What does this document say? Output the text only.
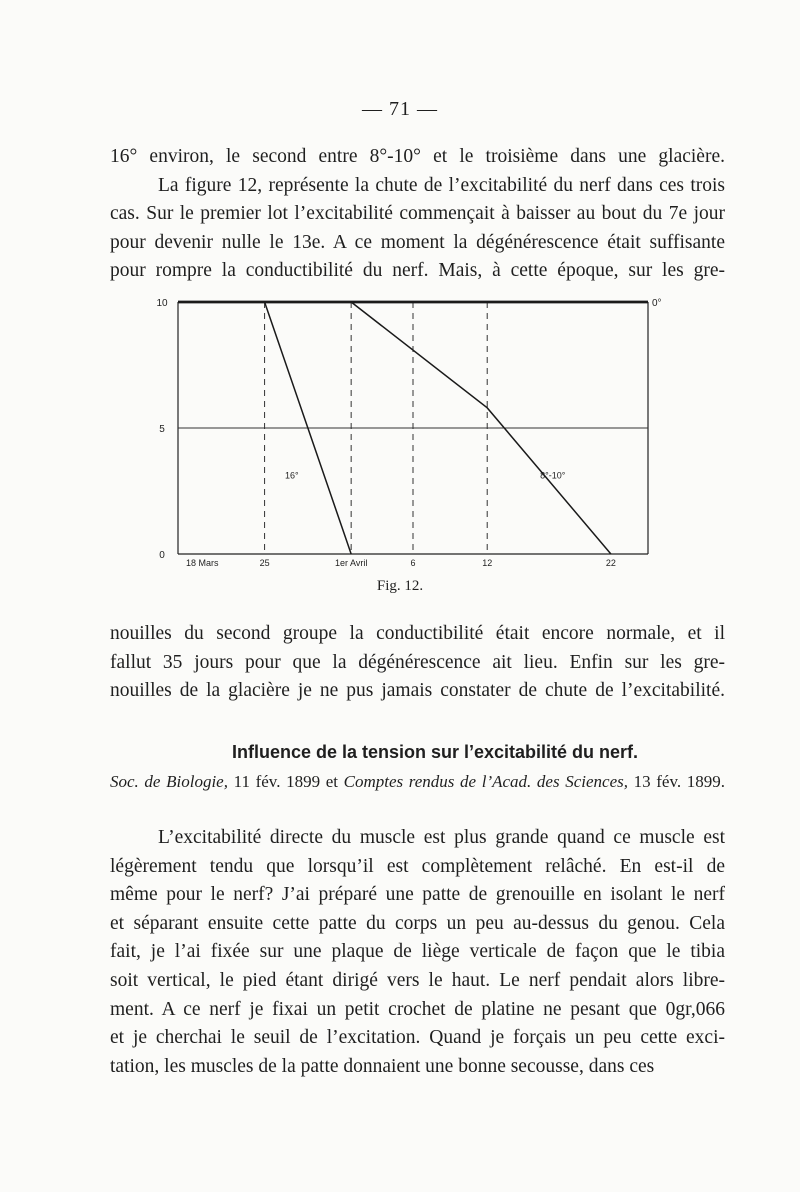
— 71 —
16° environ, le second entre 8°-10° et le troisième dans une glacière.
La figure 12, représente la chute de l’excitabilité du nerf dans ces trois
cas. Sur le premier lot l’excitabilité commençait à baisser au bout du 7e jour
pour devenir nulle le 13e. A ce moment la dégénérescence était suffisante
pour rompre la conductibilité du nerf. Mais, à cette époque, sur les gre-
10
5
0
0°
18 Mars	25	1er Avril	6	12	22
16°	8°-10°
Fig. 12.
nouilles du second groupe la conductibilité était encore normale, et il
fallut 35 jours pour que la dégénérescence ait lieu. Enfin sur les gre-
nouilles de la glacière je ne pus jamais constater de chute de l’excitabilité.
Influence de la tension sur l’excitabilité du nerf.
Soc. de Biologie, 11 fév. 1899 et Comptes rendus de l’Acad. des Sciences, 13 fév. 1899.
L’excitabilité directe du muscle est plus grande quand ce muscle est
légèrement tendu que lorsqu’il est complètement relâché. En est-il de
même pour le nerf? J’ai préparé une patte de grenouille en isolant le nerf
et séparant ensuite cette patte du corps un peu au-dessus du genou. Cela
fait, je l’ai fixée sur une plaque de liège verticale de façon que le tibia
soit vertical, le pied étant dirigé vers le haut. Le nerf pendait alors libre-
ment. A ce nerf je fixai un petit crochet de platine ne pesant que 0gr,066
et je cherchai le seuil de l’excitation. Quand je forçais un peu cette exci-
tation, les muscles de la patte donnaient une bonne secousse, dans ces
